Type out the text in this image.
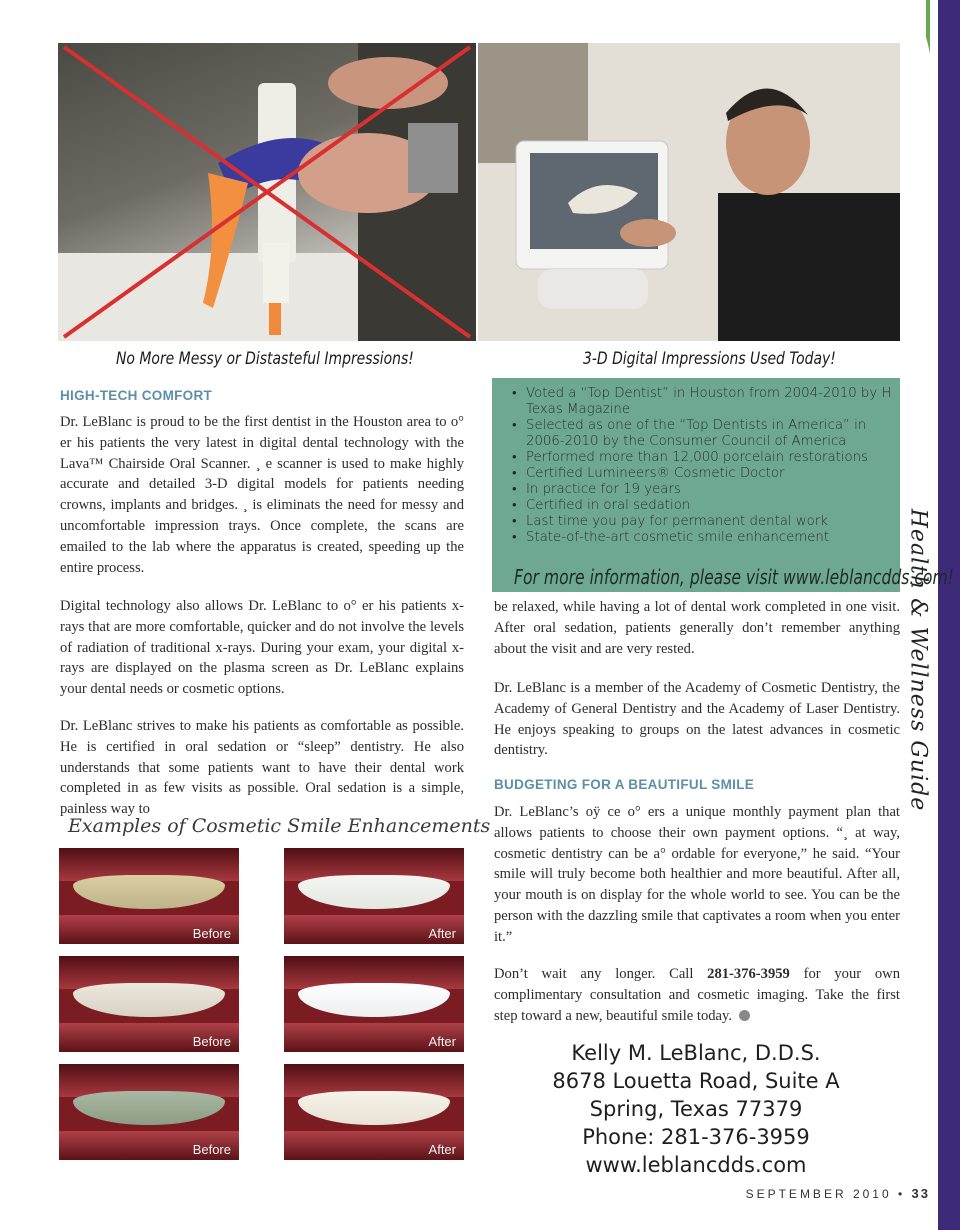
Health & Wellness Guide
No More Messy or Distasteful Impressions!	3-D Digital Impressions Used Today!
HIGH-TECH COMFORT
Dr. LeBlanc is proud to be the first dentist in the Houston area to o° er his patients the very latest in digital dental technology with the Lava™ Chairside Oral Scanner. ¸ e scanner is used to make highly accurate and detailed 3-D digital models for patients needing crowns, implants and bridges. ¸ is eliminats the need for messy and uncomfortable impression trays. Once complete, the scans are emailed to the lab where the apparatus is created, speeding up the entire process.
Digital technology also allows Dr. LeBlanc to o° er his patients x-rays that are more comfortable, quicker and do not involve the levels of radiation of traditional x-rays. During your exam, your digital x-rays are displayed on the plasma screen as Dr. LeBlanc explains your dental needs or cosmetic options.
Dr. LeBlanc strives to make his patients as comfortable as possible. He is certified in oral sedation or “sleep” dentistry. He also understands that some patients want to have their dental work completed in as few visits as possible. Oral sedation is a simple, painless way to
• Voted a “Top Dentist” in Houston from 2004-2010 by H Texas Magazine
• Selected as one of the “Top Dentists in America” in 2006-2010 by the Consumer Council of America
• Performed more than 12,000 porcelain restorations
• Certified Lumineers® Cosmetic Doctor
• In practice for 19 years
• Certified in oral sedation
• Last time you pay for permanent dental work
• State-of-the-art cosmetic smile enhancement
For more information, please visit www.leblancdds.com!
be relaxed, while having a lot of dental work completed in one visit. After oral sedation, patients generally don’t remember anything about the visit and are very rested.
Dr. LeBlanc is a member of the Academy of Cosmetic Dentistry, the Academy of General Dentistry and the Academy of Laser Dentistry. He enjoys speaking to groups on the latest advances in cosmetic dentistry.
BUDGETING FOR A BEAUTIFUL SMILE
Dr. LeBlanc’s oÿ ce o° ers a unique monthly payment plan that allows patients to choose their own payment options. “¸ at way, cosmetic dentistry can be a° ordable for everyone,” he said. “Your smile will truly become both healthier and more beautiful. After all, your mouth is on display for the whole world to see. You can be the person with the dazzling smile that captivates a room when you enter it.”
Don’t wait any longer. Call 281-376-3959 for your own complimentary consultation and cosmetic imaging. Take the first step toward a new, beautiful smile today.
Examples of Cosmetic Smile Enhancements
Before	After
Before	After
Before	After
Kelly M. LeBlanc, D.D.S.
8678 Louetta Road, Suite A
Spring, Texas 77379
Phone: 281-376-3959
www.leblancdds.com
SEPTEMBER 2010 • 33
